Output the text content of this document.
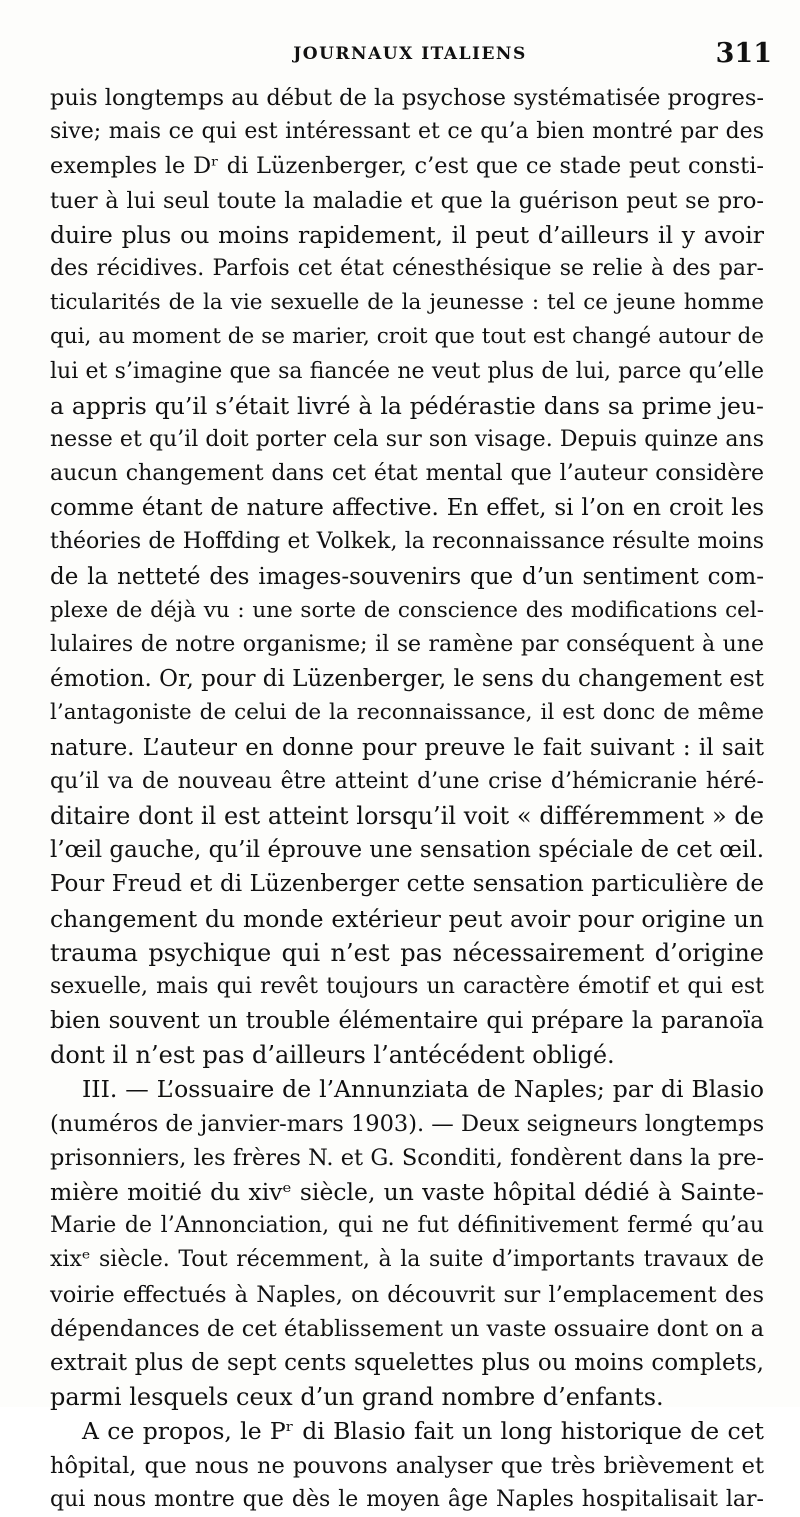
JOURNAUX ITALIENS	311
puis longtemps au début de la psychose systématisée progres-
sive; mais ce qui est intéressant et ce qu’a bien montré par des
exemples le Dʳ di Lüzenberger, c’est que ce stade peut consti-
tuer à lui seul toute la maladie et que la guérison peut se pro-
duire plus ou moins rapidement, il peut d’ailleurs il y avoir
des récidives. Parfois cet état cénesthésique se relie à des par-
ticularités de la vie sexuelle de la jeunesse : tel ce jeune homme
qui, au moment de se marier, croit que tout est changé autour de
lui et s’imagine que sa fiancée ne veut plus de lui, parce qu’elle
a appris qu’il s’était livré à la pédérastie dans sa prime jeu-
nesse et qu’il doit porter cela sur son visage. Depuis quinze ans
aucun changement dans cet état mental que l’auteur considère
comme étant de nature affective. En effet, si l’on en croit les
théories de Hoffding et Volkek, la reconnaissance résulte moins
de la netteté des images-souvenirs que d’un sentiment com-
plexe de déjà vu : une sorte de conscience des modifications cel-
lulaires de notre organisme; il se ramène par conséquent à une
émotion. Or, pour di Lüzenberger, le sens du changement est
l’antagoniste de celui de la reconnaissance, il est donc de même
nature. L’auteur en donne pour preuve le fait suivant : il sait
qu’il va de nouveau être atteint d’une crise d’hémicranie héré-
ditaire dont il est atteint lorsqu’il voit « différemment » de
l’œil gauche, qu’il éprouve une sensation spéciale de cet œil.
Pour Freud et di Lüzenberger cette sensation particulière de
changement du monde extérieur peut avoir pour origine un
trauma psychique qui n’est pas nécessairement d’origine
sexuelle, mais qui revêt toujours un caractère émotif et qui est
bien souvent un trouble élémentaire qui prépare la paranoïa
dont il n’est pas d’ailleurs l’antécédent obligé.
III. — L’ossuaire de l’Annunziata de Naples; par di Blasio
(numéros de janvier-mars 1903). — Deux seigneurs longtemps
prisonniers, les frères N. et G. Sconditi, fondèrent dans la pre-
mière moitié du xivᵉ siècle, un vaste hôpital dédié à Sainte-
Marie de l’Annonciation, qui ne fut définitivement fermé qu’au
xixᵉ siècle. Tout récemment, à la suite d’importants travaux de
voirie effectués à Naples, on découvrit sur l’emplacement des
dépendances de cet établissement un vaste ossuaire dont on a
extrait plus de sept cents squelettes plus ou moins complets,
parmi lesquels ceux d’un grand nombre d’enfants.
A ce propos, le Pʳ di Blasio fait un long historique de cet
hôpital, que nous ne pouvons analyser que très brièvement et
qui nous montre que dès le moyen âge Naples hospitalisait lar-
